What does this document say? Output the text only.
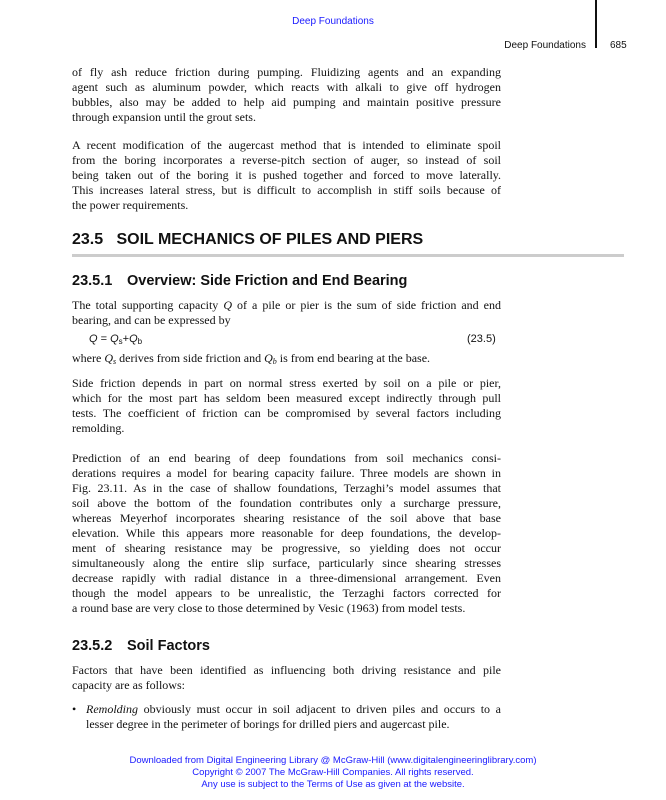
Deep Foundations
Deep Foundations 685
of fly ash reduce friction during pumping. Fluidizing agents and an expanding
agent such as aluminum powder, which reacts with alkali to give off hydrogen
bubbles, also may be added to help aid pumping and maintain positive pressure
through expansion until the grout sets.
A recent modification of the augercast method that is intended to eliminate spoil
from the boring incorporates a reverse-pitch section of auger, so instead of soil
being taken out of the boring it is pushed together and forced to move laterally.
This increases lateral stress, but is difficult to accomplish in stiff soils because of
the power requirements.
23.5 SOIL MECHANICS OF PILES AND PIERS
23.5.1 Overview: Side Friction and End Bearing
The total supporting capacity Q of a pile or pier is the sum of side friction and end
bearing, and can be expressed by
$Q = Q_s+Q_b$	(23.5)
where $Q_s$ derives from side friction and $Q_b$ is from end bearing at the base.
Side friction depends in part on normal stress exerted by soil on a pile or pier,
which for the most part has seldom been measured except indirectly through pull
tests. The coefficient of friction can be compromised by several factors including
remolding.
Prediction of an end bearing of deep foundations from soil mechanics consi-
derations requires a model for bearing capacity failure. Three models are shown in
Fig. 23.11. As in the case of shallow foundations, Terzaghi’s model assumes that
soil above the bottom of the foundation contributes only a surcharge pressure,
whereas Meyerhof incorporates shearing resistance of the soil above that base
elevation. While this appears more reasonable for deep foundations, the develop-
ment of shearing resistance may be progressive, so yielding does not occur
simultaneously along the entire slip surface, particularly since shearing stresses
decrease rapidly with radial distance in a three-dimensional arrangement. Even
though the model appears to be unrealistic, the Terzaghi factors corrected for
a round base are very close to those determined by Vesic (1963) from model tests.
23.5.2 Soil Factors
Factors that have been identified as influencing both driving resistance and pile
capacity are as follows:
• Remolding obviously must occur in soil adjacent to driven piles and occurs to a
lesser degree in the perimeter of borings for drilled piers and augercast pile.
Downloaded from Digital Engineering Library @ McGraw-Hill (www.digitalengineeringlibrary.com)
Copyright © 2007 The McGraw-Hill Companies. All rights reserved.
Any use is subject to the Terms of Use as given at the website.
